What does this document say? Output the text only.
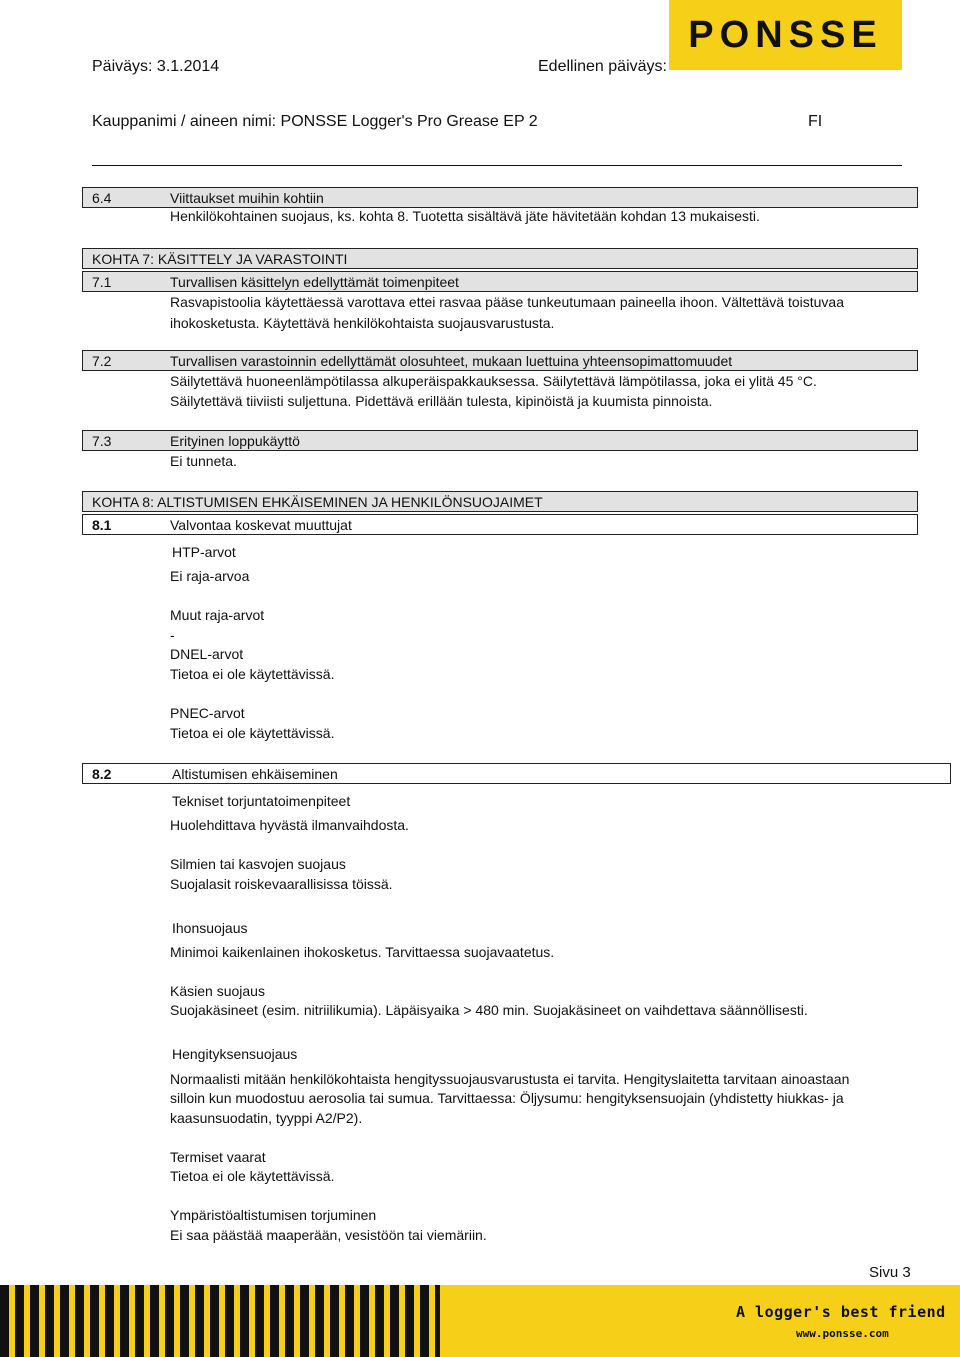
Päiväys: 3.1.2014	Edellinen päiväys:
PONSSE
Kauppanimi / aineen nimi: PONSSE Logger's Pro Grease EP 2	FI
6.4	Viittaukset muihin kohtiin
Henkilökohtainen suojaus, ks. kohta 8. Tuotetta sisältävä jäte hävitetään kohdan 13 mukaisesti.
KOHTA 7: KÄSITTELY JA VARASTOINTI
7.1	Turvallisen käsittelyn edellyttämät toimenpiteet
Rasvapistoolia käytettäessä varottava ettei rasvaa pääse tunkeutumaan paineella ihoon. Vältettävä toistuvaa
ihokosketusta. Käytettävä henkilökohtaista suojausvarustusta.
7.2	Turvallisen varastoinnin edellyttämät olosuhteet, mukaan luettuina yhteensopimattomuudet
Säilytettävä huoneenlämpötilassa alkuperäispakkauksessa. Säilytettävä lämpötilassa, joka ei ylitä 45 °C.
Säilytettävä tiiviisti suljettuna. Pidettävä erillään tulesta, kipinöistä ja kuumista pinnoista.
7.3	Erityinen loppukäyttö
Ei tunneta.
KOHTA 8: ALTISTUMISEN EHKÄISEMINEN JA HENKILÖNSUOJAIMET
8.1	Valvontaa koskevat muuttujat
HTP-arvot
Ei raja-arvoa
Muut raja-arvot
-
DNEL-arvot
Tietoa ei ole käytettävissä.
PNEC-arvot
Tietoa ei ole käytettävissä.
8.2	Altistumisen ehkäiseminen
Tekniset torjuntatoimenpiteet
Huolehdittava hyvästä ilmanvaihdosta.
Silmien tai kasvojen suojaus
Suojalasit roiskevaarallisissa töissä.
Ihonsuojaus
Minimoi kaikenlainen ihokosketus. Tarvittaessa suojavaatetus.
Käsien suojaus
Suojakäsineet (esim. nitriilikumia). Läpäisyaika > 480 min. Suojakäsineet on vaihdettava säännöllisesti.
Hengityksensuojaus
Normaalisti mitään henkilökohtaista hengityssuojausvarustusta ei tarvita. Hengityslaitetta tarvitaan ainoastaan
silloin kun muodostuu aerosolia tai sumua. Tarvittaessa: Öljysumu: hengityksensuojain (yhdistetty hiukkas- ja
kaasunsuodatin, tyyppi A2/P2).
Termiset vaarat
Tietoa ei ole käytettävissä.
Ympäristöaltistumisen torjuminen
Ei saa päästää maaperään, vesistöön tai viemäriin.
Sivu 3
A logger's best friend
www.ponsse.com
